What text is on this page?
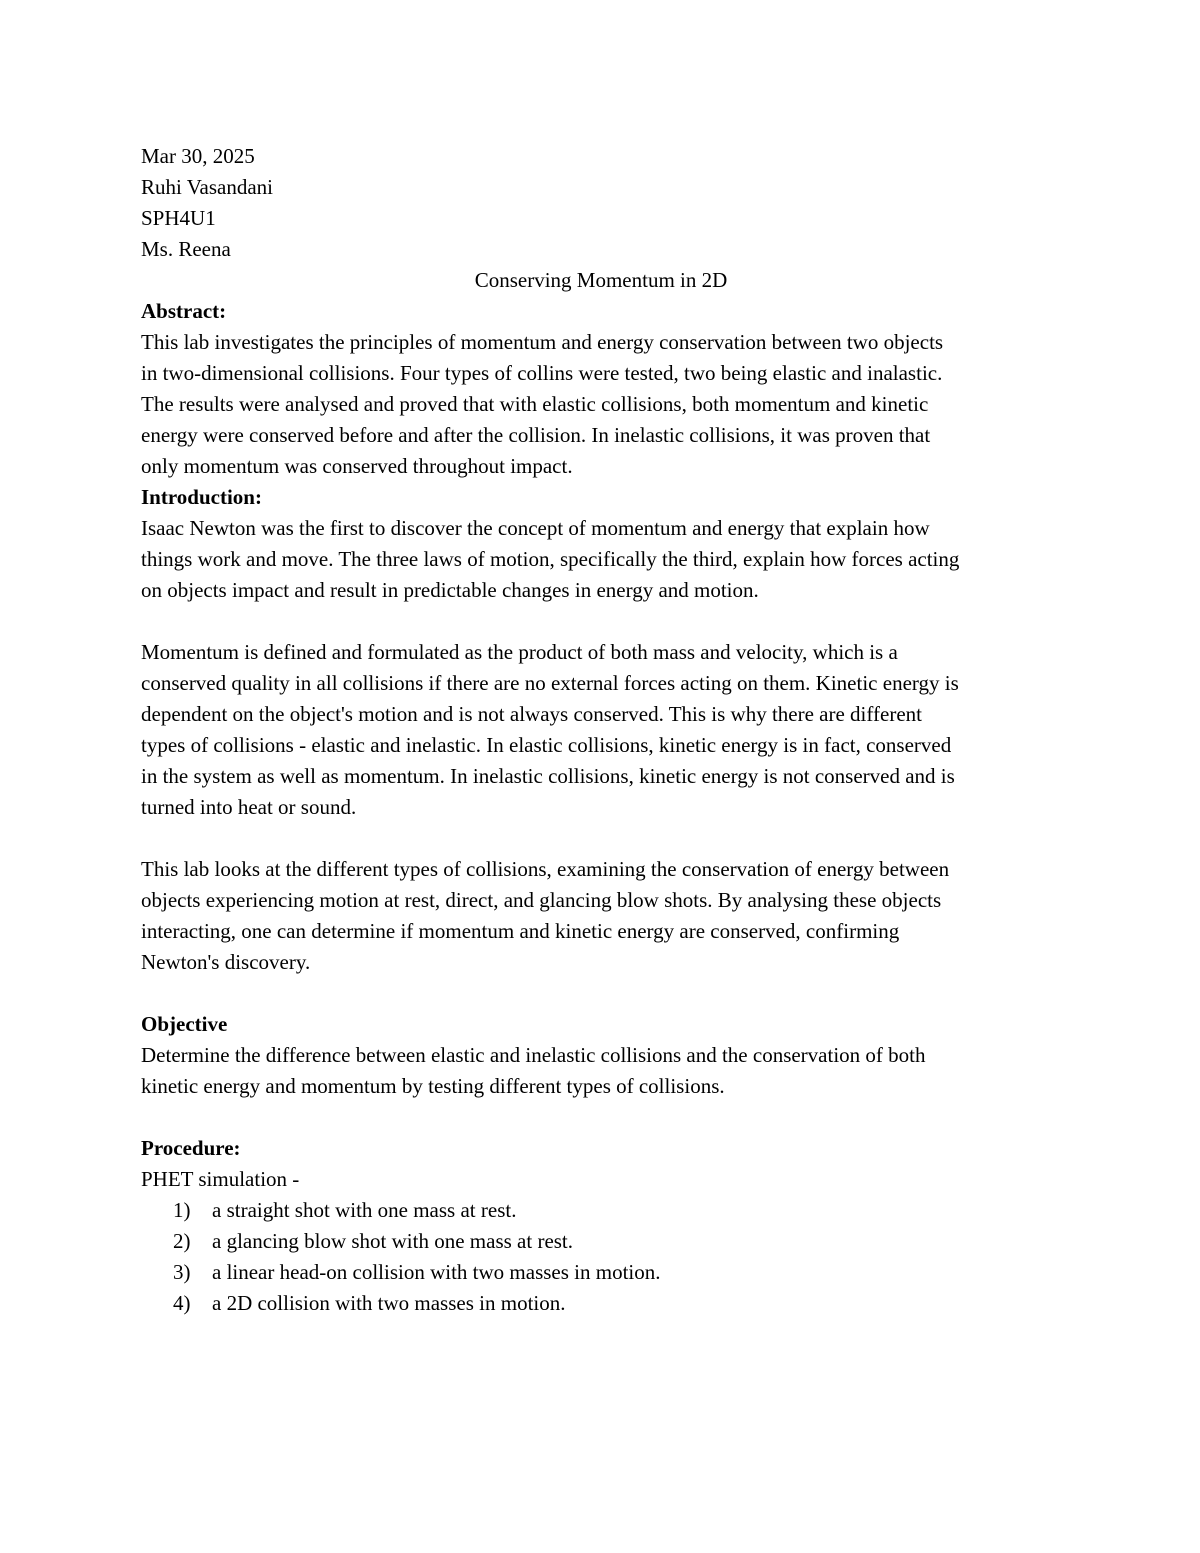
Mar 30, 2025
Ruhi Vasandani
SPH4U1
Ms. Reena
Conserving Momentum in 2D
Abstract:
This lab investigates the principles of momentum and energy conservation between two objects
in two-dimensional collisions. Four types of collins were tested, two being elastic and inalastic.
The results were analysed and proved that with elastic collisions, both momentum and kinetic
energy were conserved before and after the collision. In inelastic collisions, it was proven that
only momentum was conserved throughout impact.
Introduction:
Isaac Newton was the first to discover the concept of momentum and energy that explain how
things work and move. The three laws of motion, specifically the third, explain how forces acting
on objects impact and result in predictable changes in energy and motion.
Momentum is defined and formulated as the product of both mass and velocity, which is a
conserved quality in all collisions if there are no external forces acting on them. Kinetic energy is
dependent on the object's motion and is not always conserved. This is why there are different
types of collisions - elastic and inelastic. In elastic collisions, kinetic energy is in fact, conserved
in the system as well as momentum. In inelastic collisions, kinetic energy is not conserved and is
turned into heat or sound.
This lab looks at the different types of collisions, examining the conservation of energy between
objects experiencing motion at rest, direct, and glancing blow shots. By analysing these objects
interacting, one can determine if momentum and kinetic energy are conserved, confirming
Newton's discovery.
Objective
Determine the difference between elastic and inelastic collisions and the conservation of both
kinetic energy and momentum by testing different types of collisions.
Procedure:
PHET simulation -
1) a straight shot with one mass at rest.
2) a glancing blow shot with one mass at rest.
3) a linear head-on collision with two masses in motion.
4) a 2D collision with two masses in motion.
